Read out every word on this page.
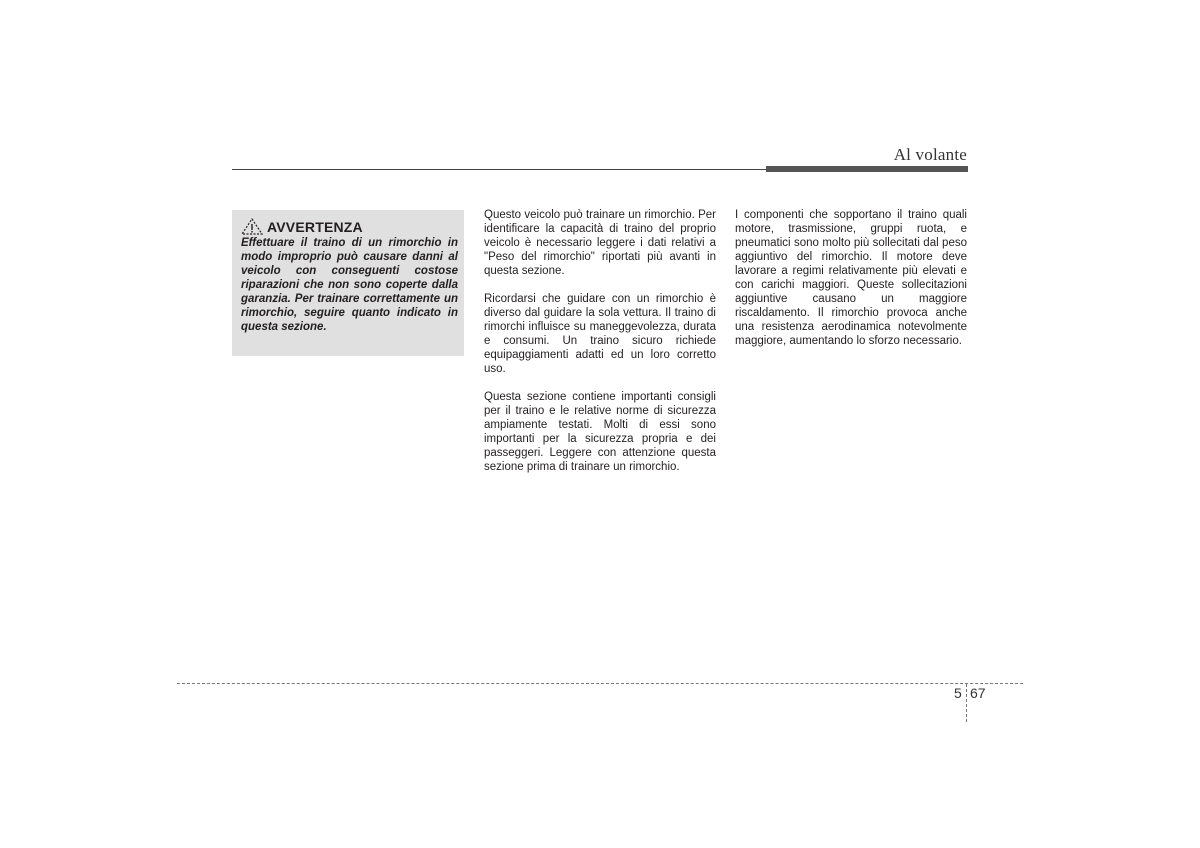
Al volante
AVVERTENZA

Effettuare il traino di un rimorchio in modo improprio può causare danni al veicolo con conseguenti costose riparazioni che non sono coperte dalla garanzia. Per trainare correttamente un rimorchio, seguire quanto indicato in questa sezione.

Questo veicolo può trainare un rimorchio. Per identificare la capacità di traino del proprio veicolo è necessario leggere i dati relativi a "Peso del rimorchio" riportati più avanti in questa sezione.

Ricordarsi che guidare con un rimorchio è diverso dal guidare la sola vettura. Il traino di rimorchi influisce su maneggevolezza, durata e consumi. Un traino sicuro richiede equipaggiamenti adatti ed un loro corretto uso.

Questa sezione contiene importanti consigli per il traino e le relative norme di sicurezza ampiamente testati. Molti di essi sono importanti per la sicurezza propria e dei passeggeri. Leggere con attenzione questa sezione prima di trainare un rimorchio.

I componenti che sopportano il traino quali motore, trasmissione, gruppi ruota, e pneumatici sono molto più sollecitati dal peso aggiuntivo del rimorchio. Il motore deve lavorare a regimi relativamente più elevati e con carichi maggiori. Queste sollecitazioni aggiuntive causano un maggiore riscaldamento. Il rimorchio provoca anche una resistenza aerodinamica notevolmente maggiore, aumentando lo sforzo necessario.

5 67
